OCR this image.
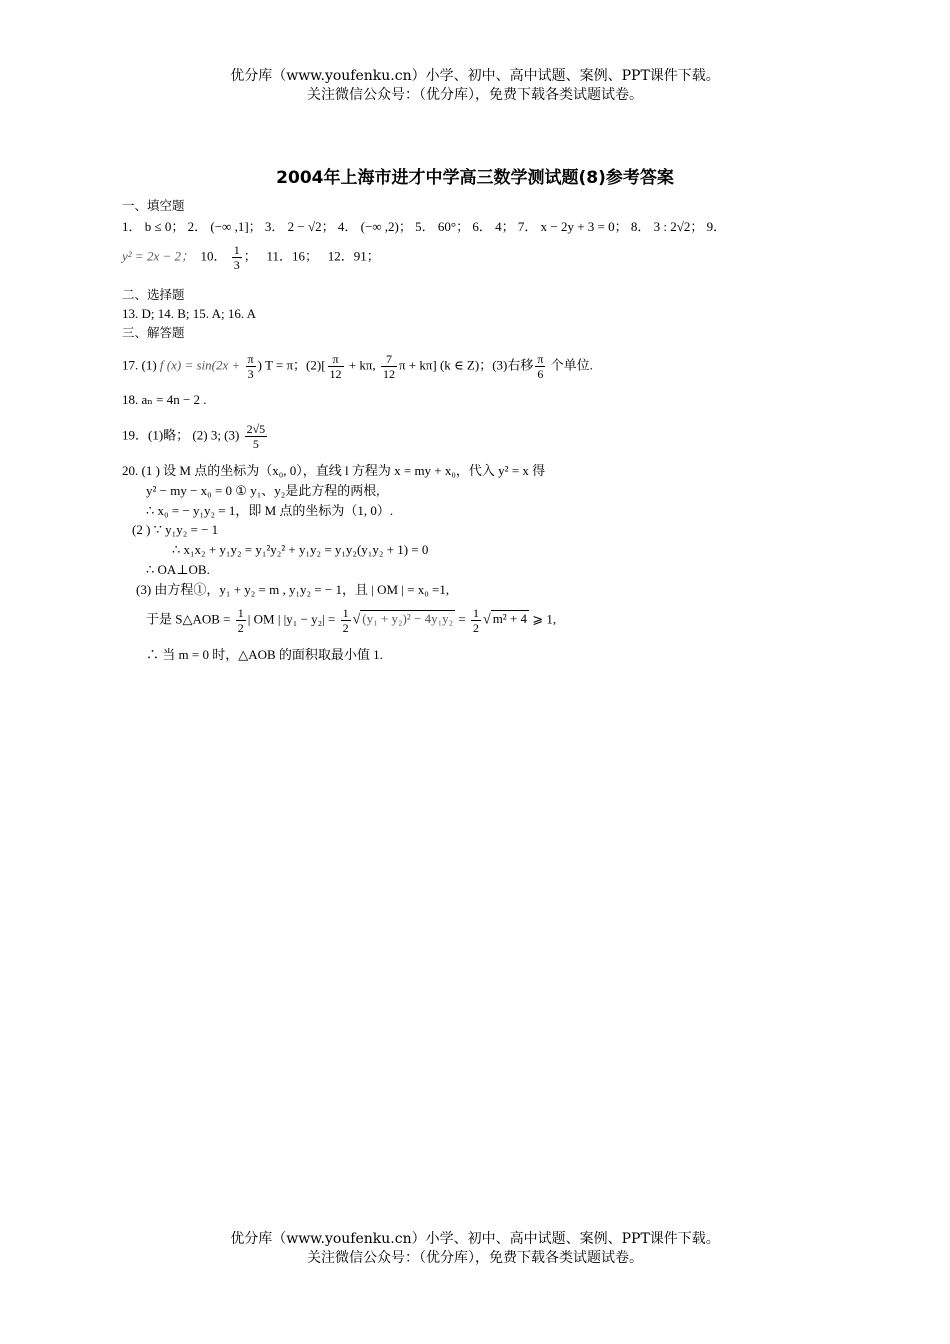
优分库（www.youfenku.cn）小学、初中、高中试题、案例、PPT课件下载。
关注微信公众号：（优分库），免费下载各类试题试卷。
2004年上海市进才中学高三数学测试题(8)参考答案
一、填空题
1． b ≤ 0； 2． (−∞ ,1]； 3． 2 − √2； 4． (−∞ ,2)； 5． 60°； 6． 4； 7． x − 2y + 3 = 0； 8． 3 : 2√2； 9．
y² = 2x − 2； 10． $\frac{1}{3}$ ；   11．16； 12．91；
二、选择题
13. D; 14. B; 15. A; 16. A
三、解答题
17. (1) f $(x) = \sin(2x + \frac{\pi}{3}$ ) T = π；$(2)[ \frac{\pi}{12} + k\pi$, $\frac{7}{12}$ π + kπ] (k ∈ Z)；(3)右移 $\frac{\pi}{6}$ 个单位.
18. aₙ = 4n − 2 .
19．(1)略； (2) 3; $(3) \frac{2√5}{5}$
20. (1 ) 设 M 点的坐标为（x₀, 0），直线 l 方程为 x = my + x₀，代入 y² = x 得
y² − my − x₀ = 0 ① y₁、y₂是此方程的两根,
∴ x₀ = − y₁y₂ = 1，即 M 点的坐标为（1, 0）.
(2 ) ∵ y₁y₂ = − 1
∴ x₁x₂ + y₁y₂ = y₁²y₂² + y₁y₂ = y₁y₂(y₁y₂ + 1) = 0
∴ OA⊥OB.
(3) 由方程①，y₁ + y₂ = m , y₁y₂ = − 1，且 | OM | = x₀ =1,
于是 S△AOB = $\frac{1}{2}$ | OM | $|y_1 - y_2| = \frac{1}{2}$ √ $(y_1 + y_2)^2 - 4y_1y_2 = \frac{1}{2}$ √ m² + 4 ⩾ 1,
∴ 当 m = 0 时，△AOB 的面积取最小值 1.
优分库（www.youfenku.cn）小学、初中、高中试题、案例、PPT课件下载。
关注微信公众号：（优分库），免费下载各类试题试卷。
